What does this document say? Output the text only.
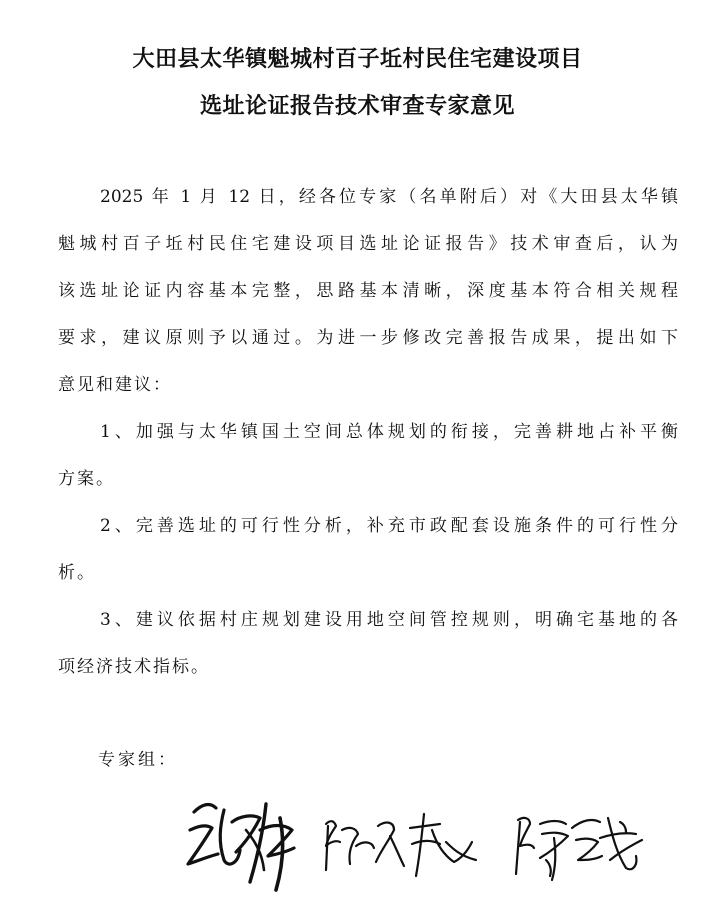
大田县太华镇魁城村百子坵村民住宅建设项目
选址论证报告技术审查专家意见
2025 年 1 月 12 日，经各位专家（名单附后）对《大田县太华镇
魁城村百子坵村民住宅建设项目选址论证报告》技术审查后，认为
该选址论证内容基本完整，思路基本清晰，深度基本符合相关规程
要求，建议原则予以通过。为进一步修改完善报告成果，提出如下
意见和建议：
1、加强与太华镇国土空间总体规划的衔接，完善耕地占补平衡
方案。
2、完善选址的可行性分析，补充市政配套设施条件的可行性分
析。
3、建议依据村庄规划建设用地空间管控规则，明确宅基地的各
项经济技术指标。
专家组：
